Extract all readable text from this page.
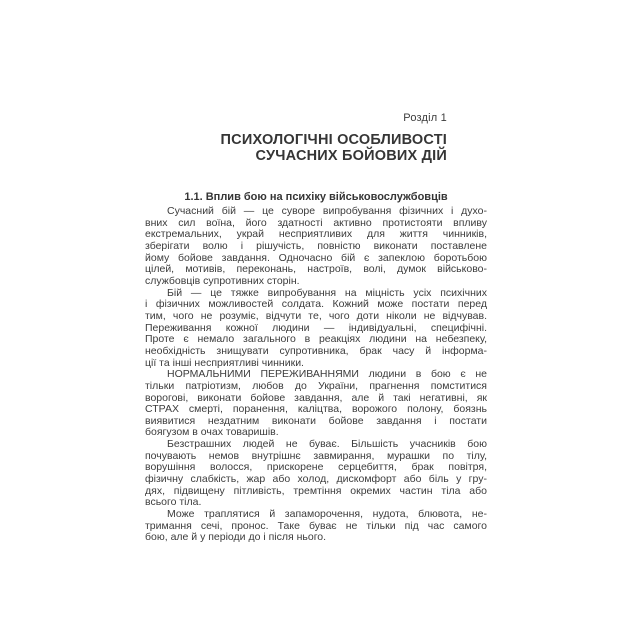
Розділ 1
ПСИХОЛОГІЧНІ ОСОБЛИВОСТІ
СУЧАСНИХ БОЙОВИХ ДІЙ
1.1. Вплив бою на психіку військовослужбовців
Сучасний бій — це суворе випробування фізичних і духо-
вних сил воїна, його здатності активно протистояти впливу
екстремальних, украй несприятливих для життя чинників,
зберігати волю і рішучість, повністю виконати поставлене
йому бойове завдання. Одночасно бій є запеклою боротьбою
цілей, мотивів, переконань, настроїв, волі, думок військово-
службовців супротивних сторін.
Бій — це тяжке випробування на міцність усіх психічних
і фізичних можливостей солдата. Кожний може постати перед
тим, чого не розуміє, відчути те, чого доти ніколи не відчував.
Переживання кожної людини — індивідуальні, специфічні.
Проте є немало загального в реакціях людини на небезпеку,
необхідність знищувати супротивника, брак часу й інформа-
ції та інші несприятливі чинники.
НОРМАЛЬНИМИ ПЕРЕЖИВАННЯМИ людини в бою є не
тільки патріотизм, любов до України, прагнення помститися
ворогові, виконати бойове завдання, але й такі негативні, як
СТРАХ смерті, поранення, каліцтва, ворожого полону, боязнь
виявитися нездатним виконати бойове завдання і постати
боягузом в очах товаришів.
Безстрашних людей не буває. Більшість учасників бою
почувають немов внутрішнє завмирання, мурашки по тілу,
ворушіння волосся, прискорене серцебиття, брак повітря,
фізичну слабкість, жар або холод, дискомфорт або біль у гру-
дях, підвищену пітливість, тремтіння окремих частин тіла або
всього тіла.
Може траплятися й запаморочення, нудота, блювота, не-
тримання сечі, пронос. Таке буває не тільки під час самого
бою, але й у періоди до і після нього.
